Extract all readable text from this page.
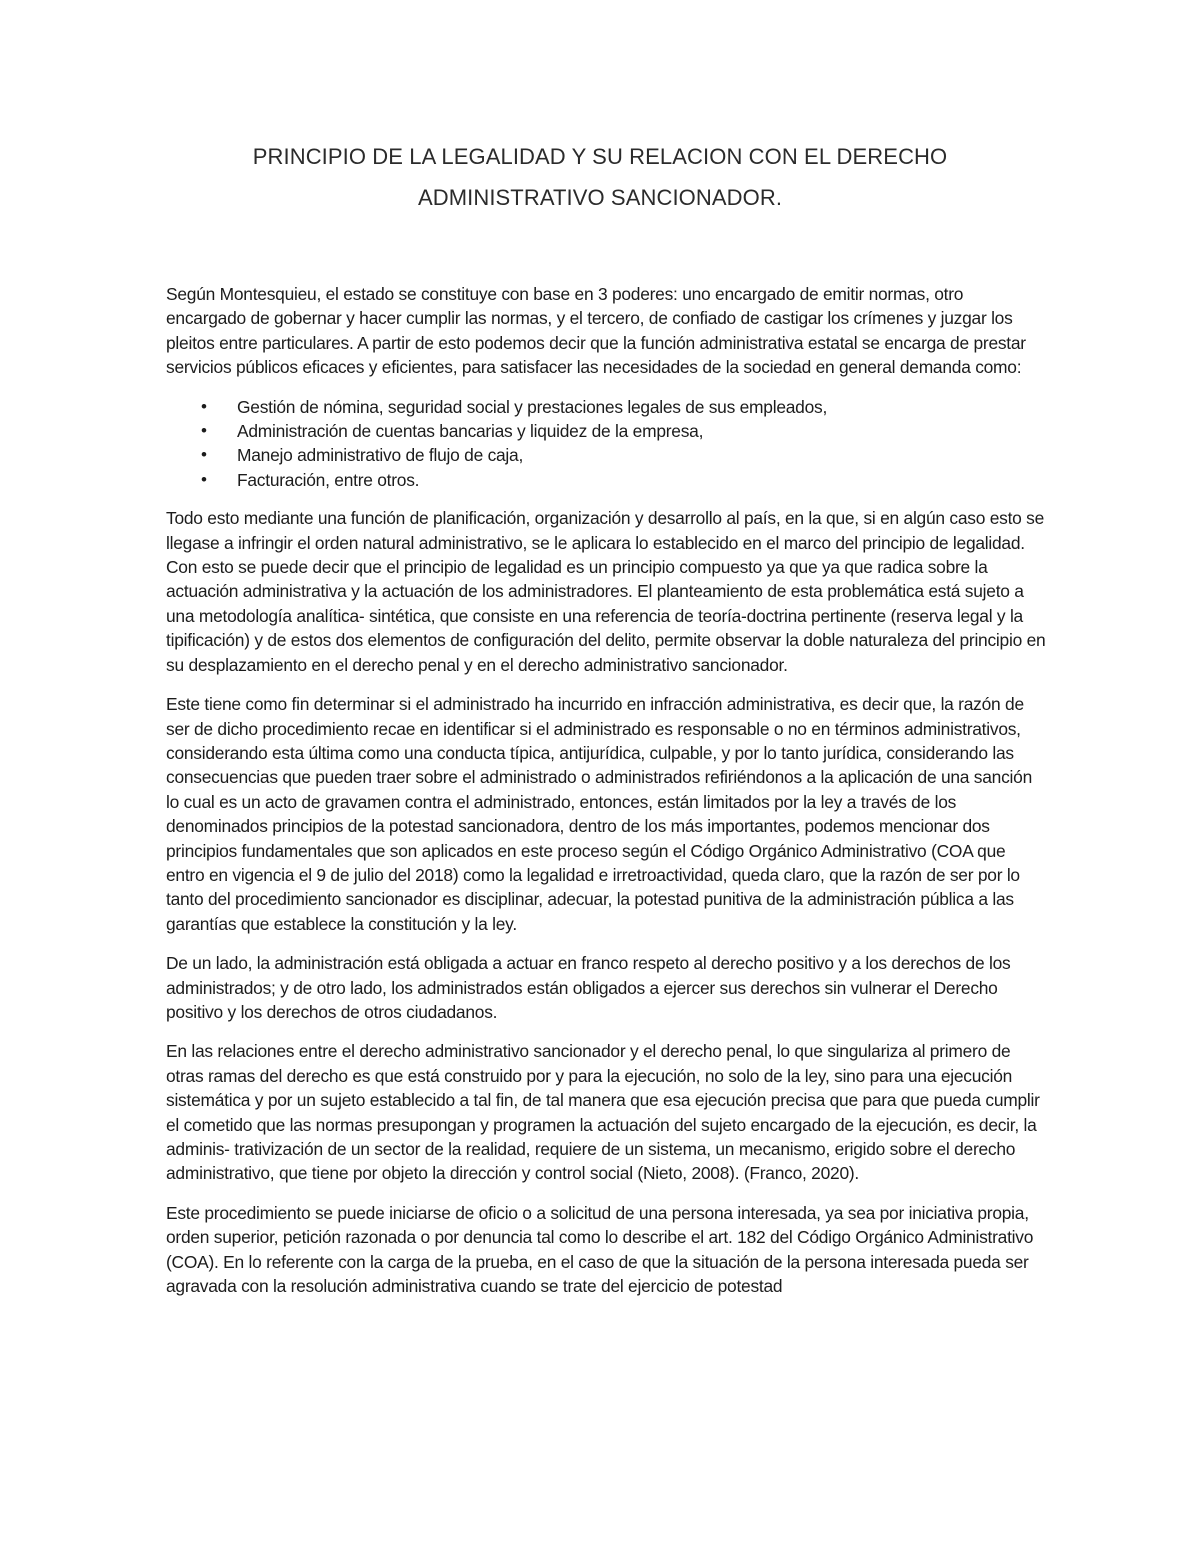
PRINCIPIO DE LA LEGALIDAD Y SU RELACION CON EL DERECHO
ADMINISTRATIVO SANCIONADOR.

Según Montesquieu, el estado se constituye con base en 3 poderes: uno encargado de emitir normas, otro encargado de gobernar y hacer cumplir las normas, y el tercero, de confiado de castigar los crímenes y juzgar los pleitos entre particulares. A partir de esto podemos decir que la función administrativa estatal se encarga de prestar servicios públicos eficaces y eficientes, para satisfacer las necesidades de la sociedad en general demanda como:

• Gestión de nómina, seguridad social y prestaciones legales de sus empleados,
• Administración de cuentas bancarias y liquidez de la empresa,
• Manejo administrativo de flujo de caja,
• Facturación, entre otros.

Todo esto mediante una función de planificación, organización y desarrollo al país, en la que, si en algún caso esto se llegase a infringir el orden natural administrativo, se le aplicara lo establecido en el marco del principio de legalidad. Con esto se puede decir que el principio de legalidad es un principio compuesto ya que ya que radica sobre la actuación administrativa y la actuación de los administradores. El planteamiento de esta problemática está sujeto a una metodología analítica- sintética, que consiste en una referencia de teoría-doctrina pertinente (reserva legal y la tipificación) y de estos dos elementos de configuración del delito, permite observar la doble naturaleza del principio en su desplazamiento en el derecho penal y en el derecho administrativo sancionador.

Este tiene como fin determinar si el administrado ha incurrido en infracción administrativa, es decir que, la razón de ser de dicho procedimiento recae en identificar si el administrado es responsable o no en términos administrativos, considerando esta última como una conducta típica, antijurídica, culpable, y por lo tanto jurídica, considerando las consecuencias que pueden traer sobre el administrado o administrados refiriéndonos a la aplicación de una sanción lo cual es un acto de gravamen contra el administrado, entonces, están limitados por la ley a través de los denominados principios de la potestad sancionadora, dentro de los más importantes, podemos mencionar dos principios fundamentales que son aplicados en este proceso según el Código Orgánico Administrativo (COA que entro en vigencia el 9 de julio del 2018) como la legalidad e irretroactividad, queda claro, que la razón de ser por lo tanto del procedimiento sancionador es disciplinar, adecuar, la potestad punitiva de la administración pública a las garantías que establece la constitución y la ley.

De un lado, la administración está obligada a actuar en franco respeto al derecho positivo y a los derechos de los administrados; y de otro lado, los administrados están obligados a ejercer sus derechos sin vulnerar el Derecho positivo y los derechos de otros ciudadanos.

En las relaciones entre el derecho administrativo sancionador y el derecho penal, lo que singulariza al primero de otras ramas del derecho es que está construido por y para la ejecución, no solo de la ley, sino para una ejecución sistemática y por un sujeto establecido a tal fin, de tal manera que esa ejecución precisa que para que pueda cumplir el cometido que las normas presupongan y programen la actuación del sujeto encargado de la ejecución, es decir, la adminis- trativización de un sector de la realidad, requiere de un sistema, un mecanismo, erigido sobre el derecho administrativo, que tiene por objeto la dirección y control social (Nieto, 2008). (Franco, 2020).

Este procedimiento se puede iniciarse de oficio o a solicitud de una persona interesada, ya sea por iniciativa propia, orden superior, petición razonada o por denuncia tal como lo describe el art. 182 del Código Orgánico Administrativo (COA). En lo referente con la carga de la prueba, en el caso de que la situación de la persona interesada pueda ser agravada con la resolución administrativa cuando se trate del ejercicio de potestad
